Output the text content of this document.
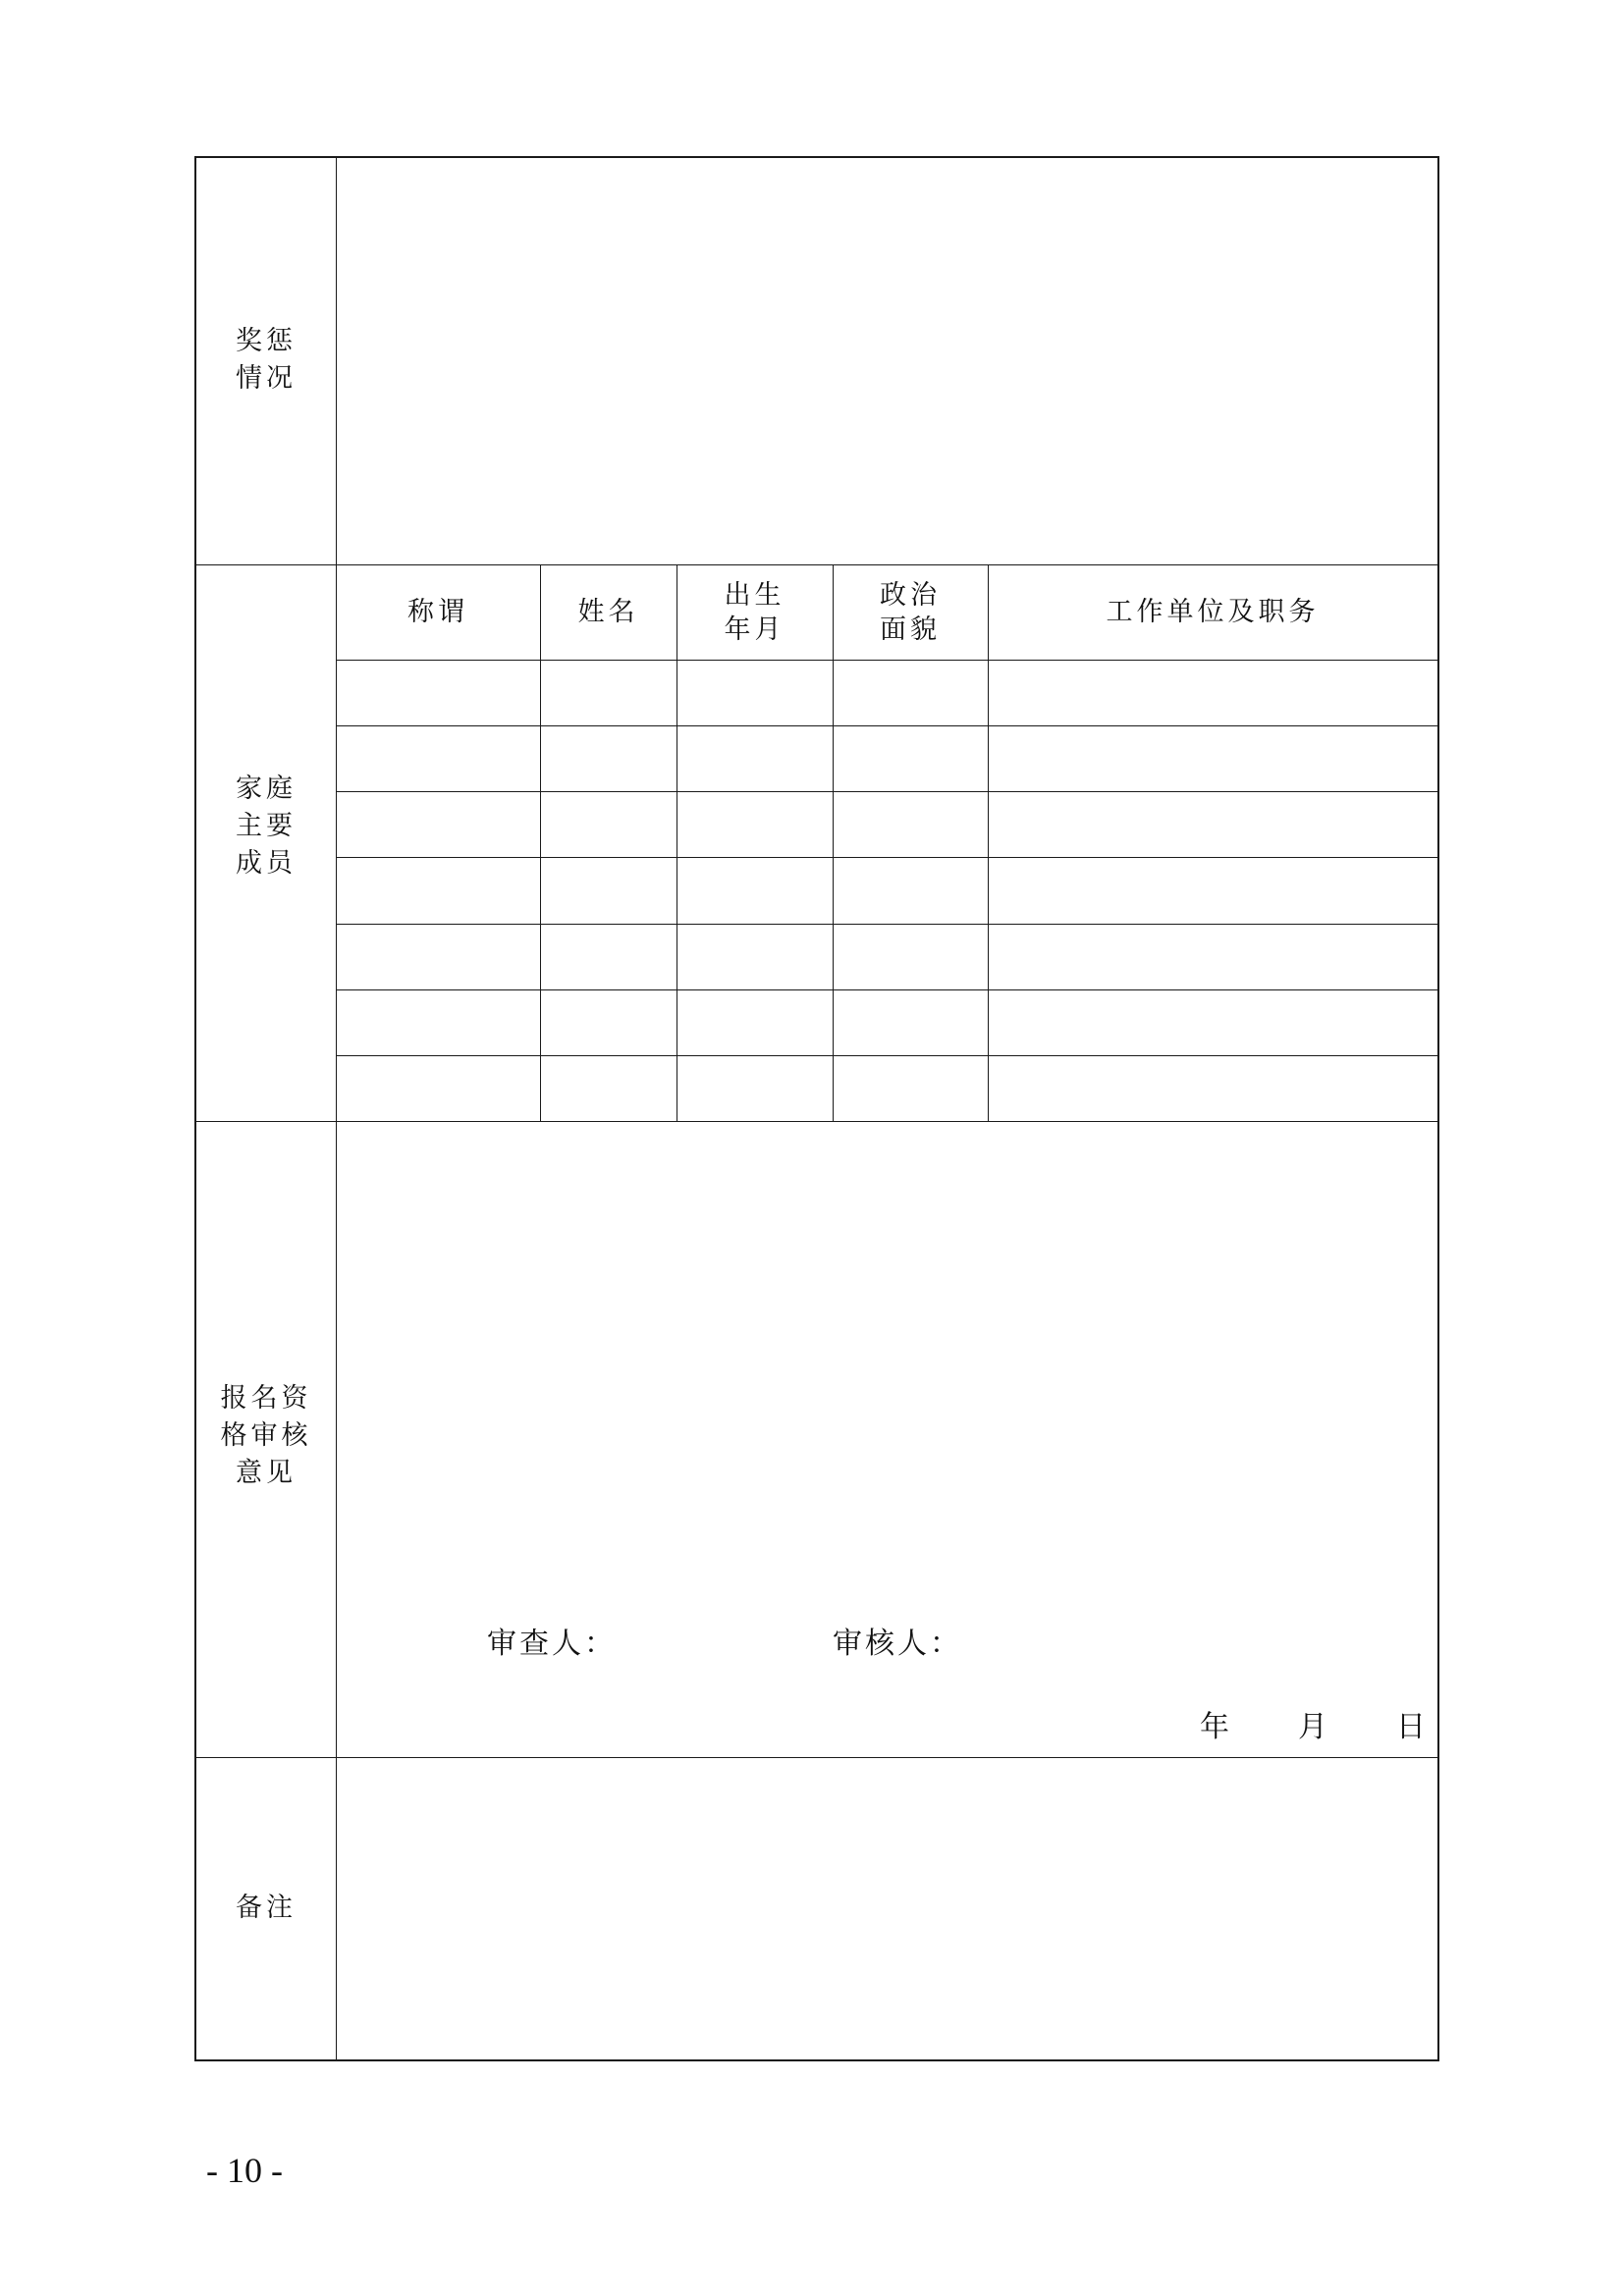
奖惩
情况
家庭
主要
成员
称谓	姓名
出生
年月
政治
面貌
工作单位及职务
报名资
格审核
意见
审查人：	审核人：
年 月 日
备注
- 10 -
